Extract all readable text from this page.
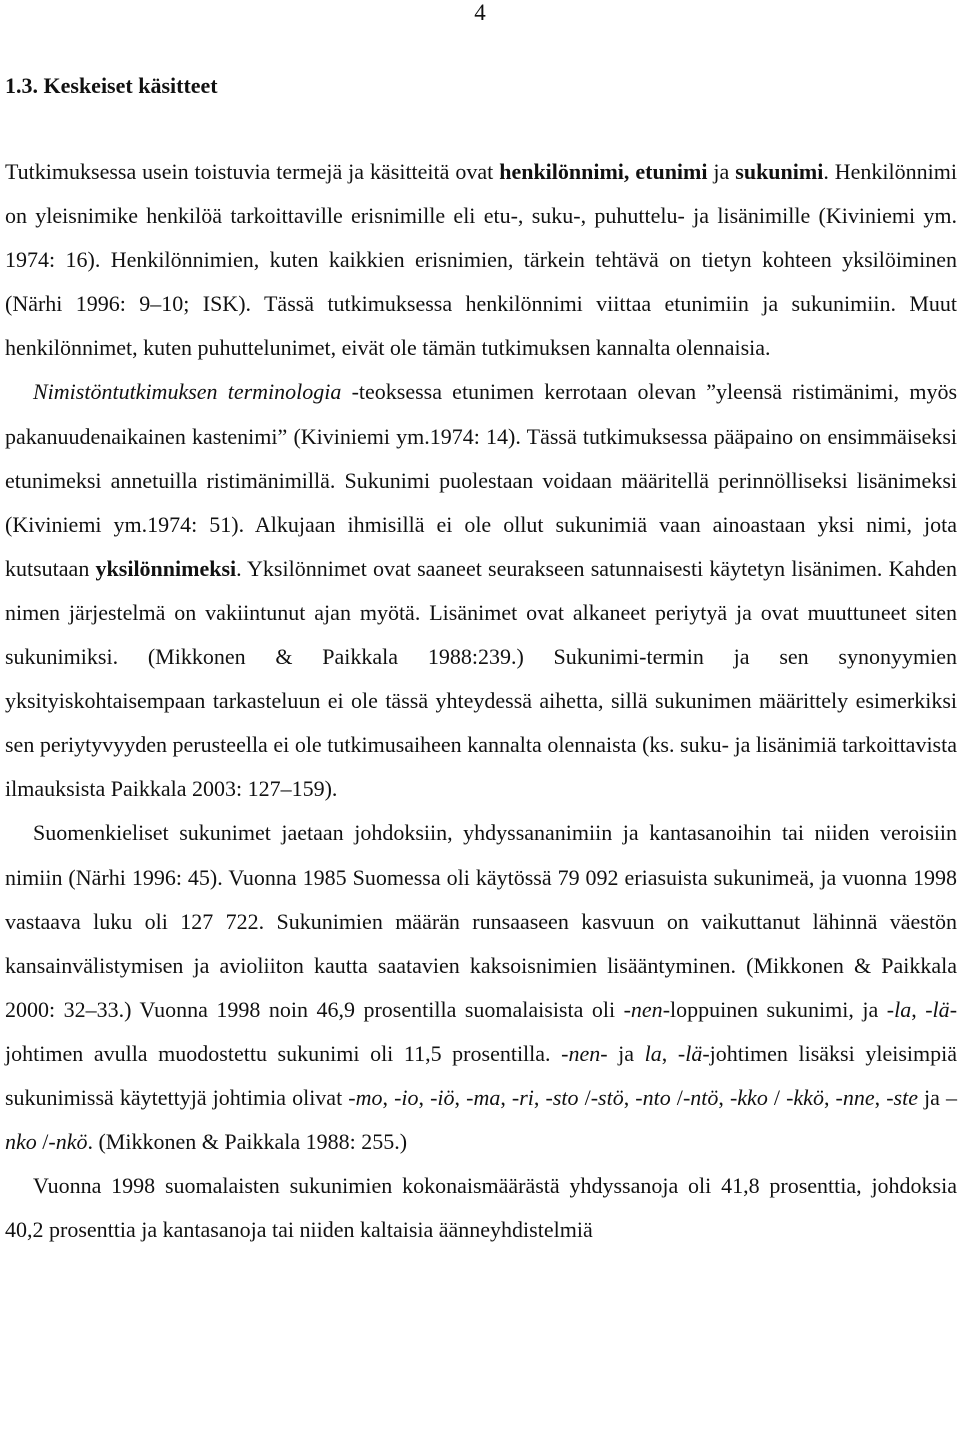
4
1.3. Keskeiset käsitteet

Tutkimuksessa usein toistuvia termejä ja käsitteitä ovat henkilönnimi, etunimi ja sukunimi. Henkilönnimi on yleisnimike henkilöä tarkoittaville erisnimille eli etu-, suku-, puhuttelu- ja lisänimille (Kiviniemi ym. 1974: 16). Henkilönnimien, kuten kaikkien erisnimien, tärkein tehtävä on tietyn kohteen yksilöiminen (Närhi 1996: 9‒10; ISK). Tässä tutkimuksessa henkilönnimi viittaa etunimiin ja sukunimiin. Muut henkilönnimet, kuten puhuttelunimet, eivät ole tämän tutkimuksen kannalta olennaisia.

Nimistöntutkimuksen terminologia -teoksessa etunimen kerrotaan olevan ”yleensä ristimänimi, myös pakanuudenaikainen kastenimi” (Kiviniemi ym.1974: 14). Tässä tutkimuksessa pääpaino on ensimmäiseksi etunimeksi annetuilla ristimänimillä. Sukunimi puolestaan voidaan määritellä perinnölliseksi lisänimeksi (Kiviniemi ym.1974: 51). Alkujaan ihmisillä ei ole ollut sukunimiä vaan ainoastaan yksi nimi, jota kutsutaan yksilönnimeksi. Yksilönnimet ovat saaneet seurakseen satunnaisesti käytetyn lisänimen. Kahden nimen järjestelmä on vakiintunut ajan myötä. Lisänimet ovat alkaneet periytyä ja ovat muuttuneet siten sukunimiksi. (Mikkonen & Paikkala 1988:239.) Sukunimi-termin ja sen synonyymien yksityiskohtaisempaan tarkasteluun ei ole tässä yhteydessä aihetta, sillä sukunimen määrittely esimerkiksi sen periytyvyyden perusteella ei ole tutkimusaiheen kannalta olennaista (ks. suku- ja lisänimiä tarkoittavista ilmauksista Paikkala 2003: 127‒159).

Suomenkieliset sukunimet jaetaan johdoksiin, yhdyssananimiin ja kantasanoihin tai niiden veroisiin nimiin (Närhi 1996: 45). Vuonna 1985 Suomessa oli käytössä 79 092 eriasuista sukunimeä, ja vuonna 1998 vastaava luku oli 127 722. Sukunimien määrän runsaaseen kasvuun on vaikuttanut lähinnä väestön kansainvälistymisen ja avioliiton kautta saatavien kaksoisnimien lisääntyminen. (Mikkonen & Paikkala 2000: 32‒33.) Vuonna 1998 noin 46,9 prosentilla suomalaisista oli -nen-loppuinen sukunimi, ja -la, -lä-johtimen avulla muodostettu sukunimi oli 11,5 prosentilla. -nen- ja la, -lä-johtimen lisäksi yleisimpiä sukunimissä käytettyjä johtimia olivat -mo, -io, -iö, -ma, -ri, -sto /-stö, -nto /-ntö, -kko / -kkö, -nne, -ste ja ‒nko /-nkö. (Mikkonen & Paikkala 1988: 255.)

Vuonna 1998 suomalaisten sukunimien kokonaismäärästä yhdyssanoja oli 41,8 prosenttia, johdoksia 40,2 prosenttia ja kantasanoja tai niiden kaltaisia äänneyhdistelmiä
